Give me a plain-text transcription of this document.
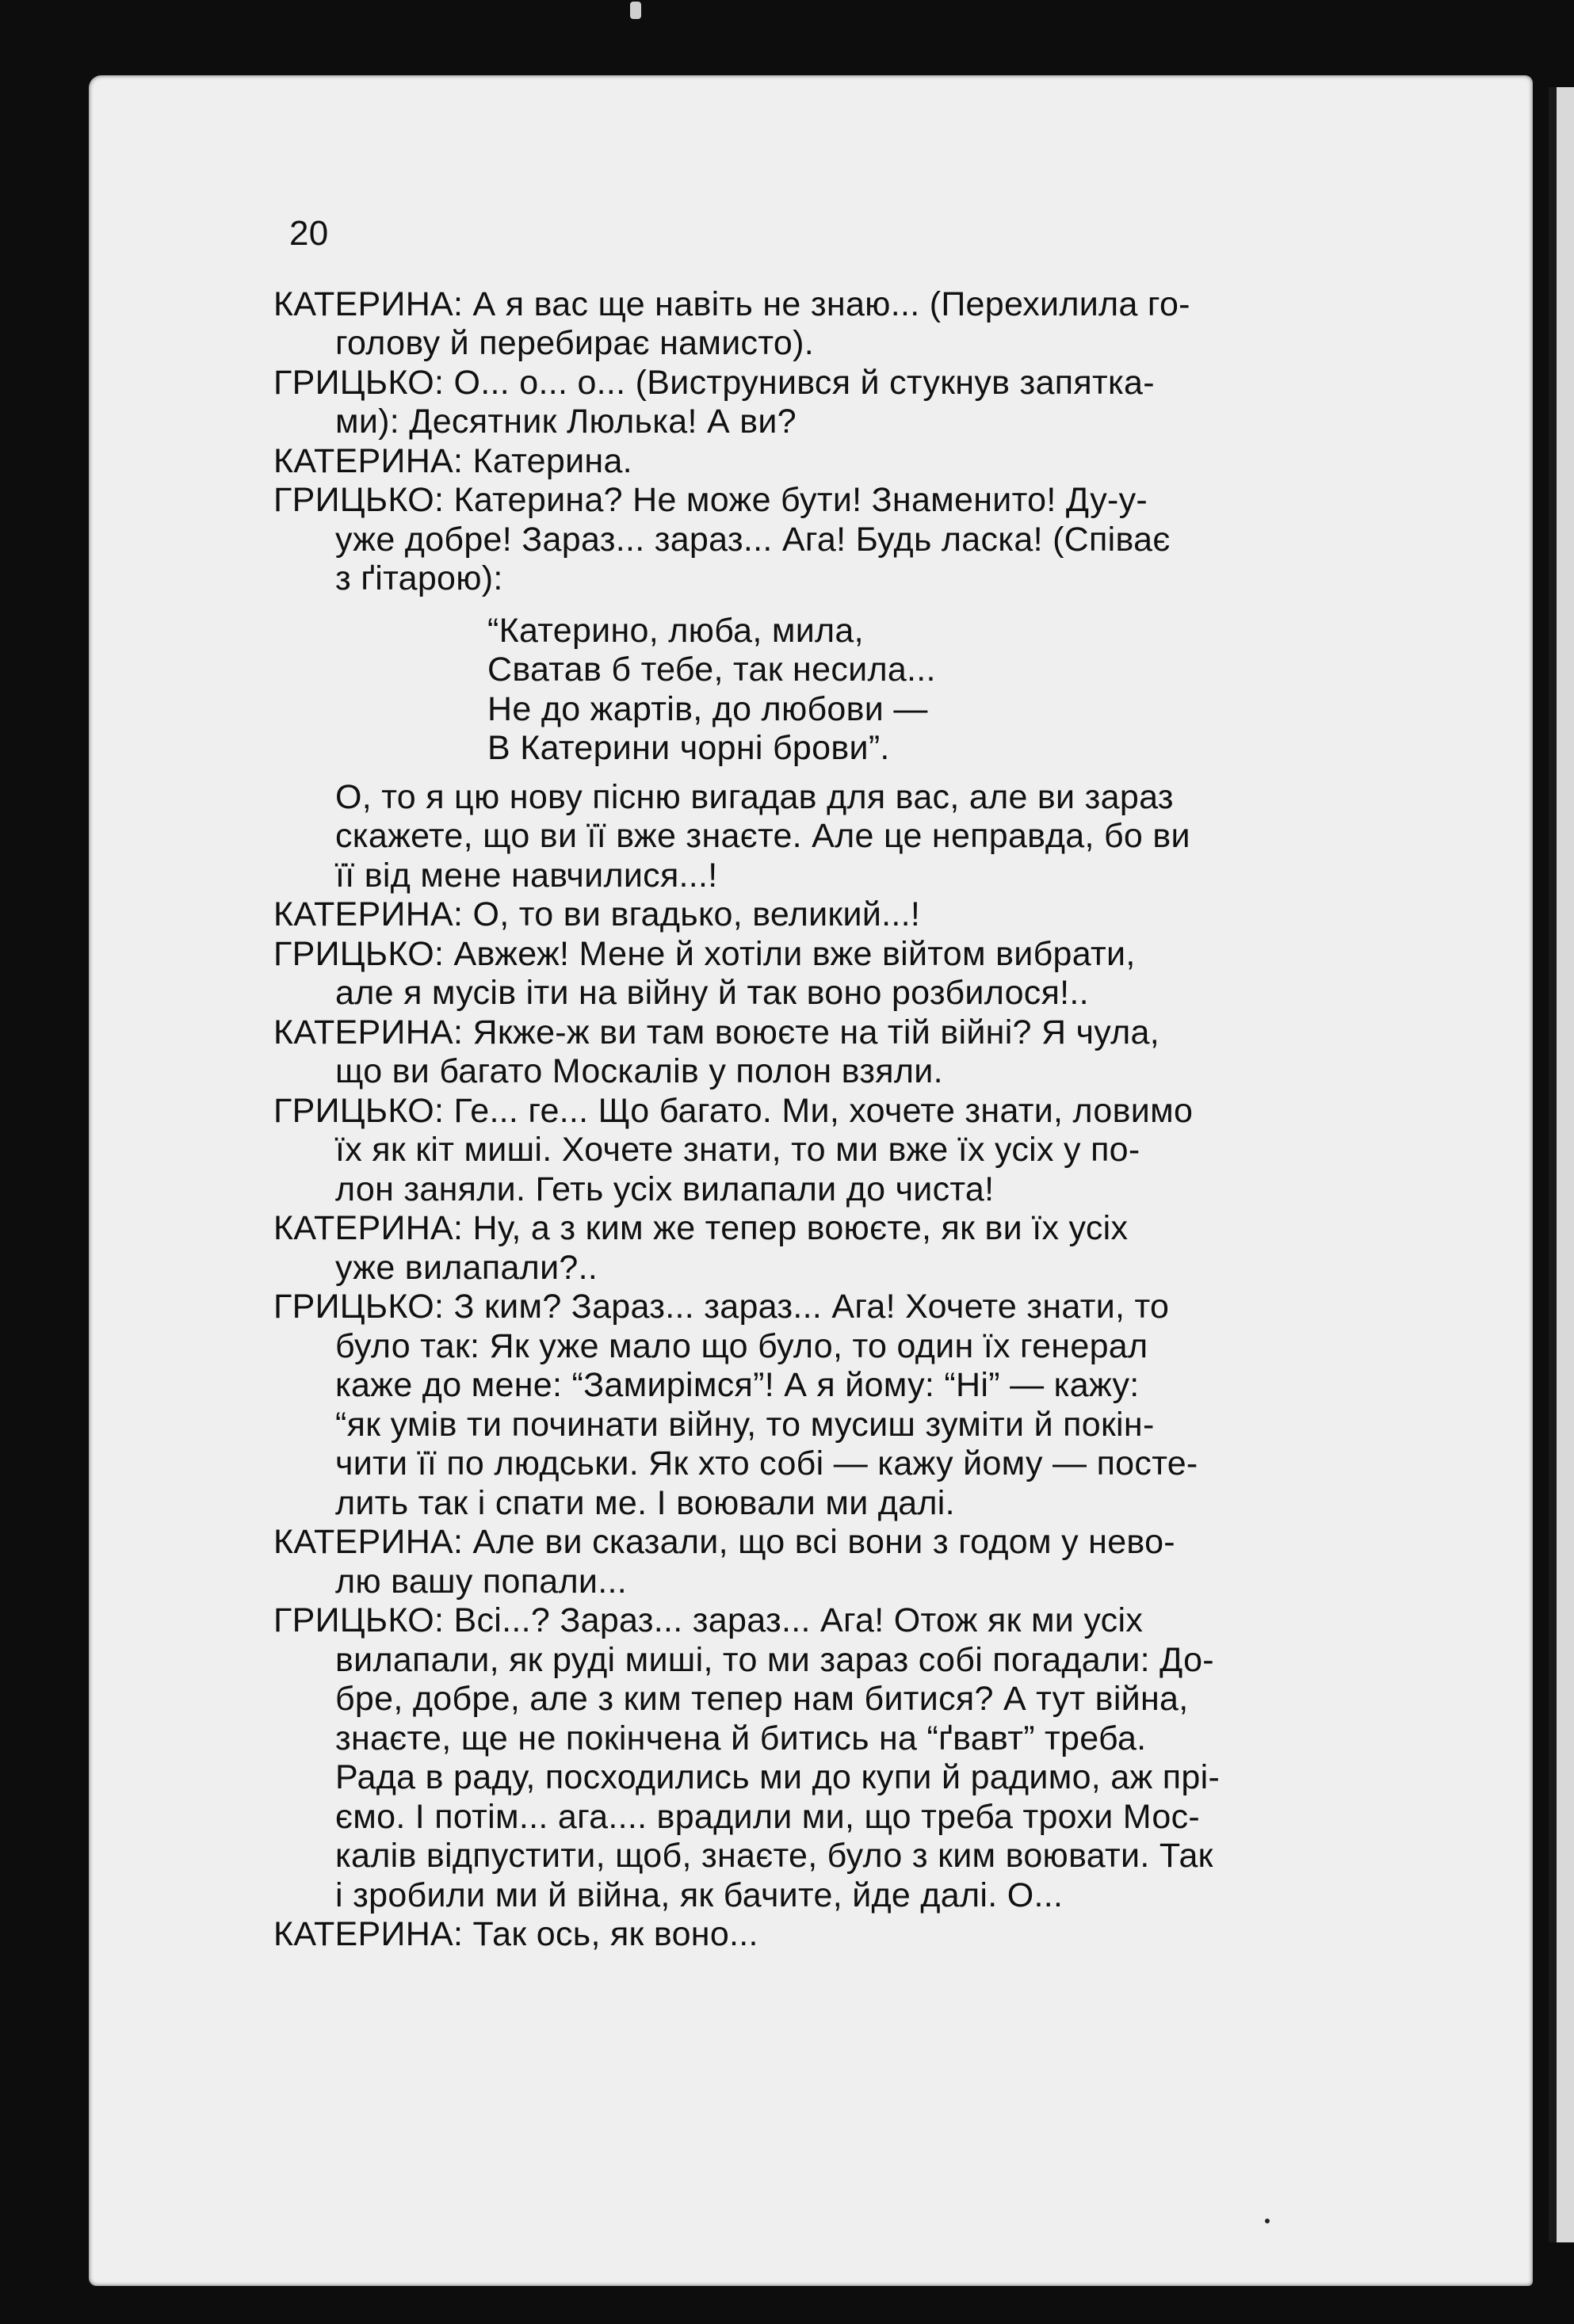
20

КАТЕРИНА: А я вас ще навіть не знаю... (Перехилила го-
голову й перебирає намисто).

ГРИЦЬКО: О... о... о... (Виструнився й стукнув запятка-
ми): Десятник Люлька! А ви?

КАТЕРИНА: Катерина.

ГРИЦЬКО: Катерина? Не може бути! Знаменито! Ду-у-
уже добре! Зараз... зараз... Ага! Будь ласка! (Співає
з ґітарою):

“Катерино, люба, мила,
Сватав б тебе, так несила...
Не до жартів, до любови —
В Катерини чорні брови”.
О, то я цю нову пісню вигадав для вас, але ви зараз
скажете, що ви її вже знаєте. Але це неправда, бо ви
її від мене навчилися...!

КАТЕРИНА: О, то ви вгадько, великий...!

ГРИЦЬКО: Авжеж! Мене й хотіли вже війтом вибрати,
але я мусів іти на війну й так воно розбилося!..

КАТЕРИНА: Якже-ж ви там воюєте на тій війні? Я чула,
що ви багато Москалів у полон взяли.

ГРИЦЬКО: Ге... ге... Що багато. Ми, хочете знати, ловимо
їх як кіт миші. Хочете знати, то ми вже їх усіх у по-
лон заняли. Геть усіх вилапали до чиста!

КАТЕРИНА: Ну, а з ким же тепер воюєте, як ви їх усіх
уже вилапали?..

ГРИЦЬКО: З ким? Зараз... зараз... Ага! Хочете знати, то
було так: Як уже мало що було, то один їх генерал
каже до мене: “Замирімся”! А я йому: “Ні” — кажу:
“як умів ти починати війну, то мусиш зуміти й покін-
чити її по людськи. Як хто собі — кажу йому — посте-
лить так і спати ме. І воювали ми далі.

КАТЕРИНА: Але ви сказали, що всі вони з годом у нево-
лю вашу попали...

ГРИЦЬКО: Всі...? Зараз... зараз... Ага! Отож як ми усіх
вилапали, як руді миші, то ми зараз собі погадали: До-
бре, добре, але з ким тепер нам битися? А тут війна,
знаєте, ще не покінчена й битись на “ґвавт” треба.
Рада в раду, посходились ми до купи й радимо, аж прі-
ємо. І потім... ага.... врадили ми, що треба трохи Мос-
калів відпустити, щоб, знаєте, було з ким воювати. Так
і зробили ми й війна, як бачите, йде далі. О...

КАТЕРИНА: Так ось, як воно...
